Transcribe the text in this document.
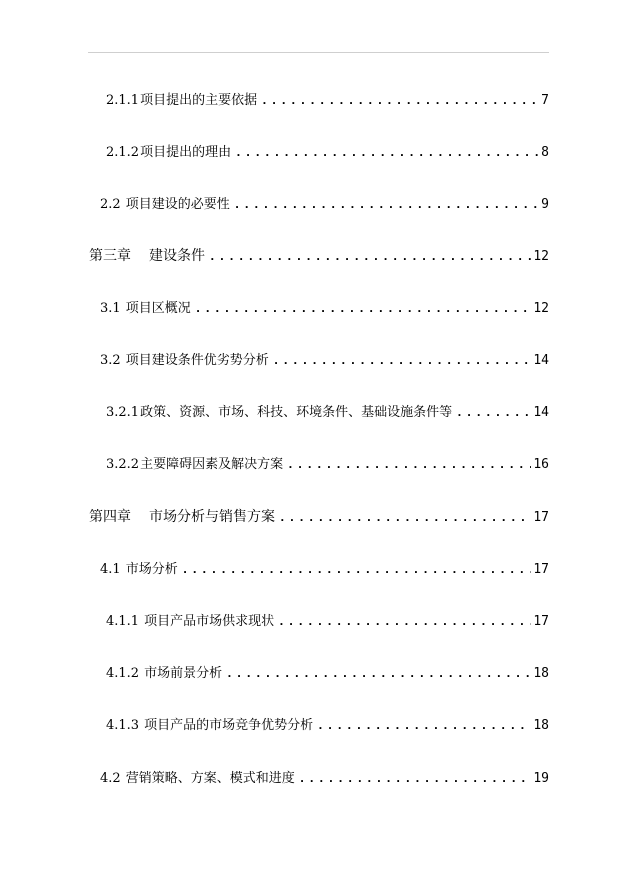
2.1.1 项目提出的主要依据 .....	7
2.1.2 项目提出的理由 .....	8
2.2 项目建设的必要性 .....	9
第三章 建设条件 .....	12
3.1 项目区概况 .....	12
3.2 项目建设条件优劣势分析 .....	14
3.2.1 政策、资源、市场、科技、环境条件、基础设施条件等 .....	14
3.2.2 主要障碍因素及解决方案 .....	16
第四章 市场分析与销售方案 .....	17
4.1 市场分析 .....	17
4.1.1 项目产品市场供求现状 .....	17
4.1.2 市场前景分析 .....	18
4.1.3 项目产品的市场竞争优势分析 .....	18
4.2 营销策略、方案、模式和进度 .....	19
